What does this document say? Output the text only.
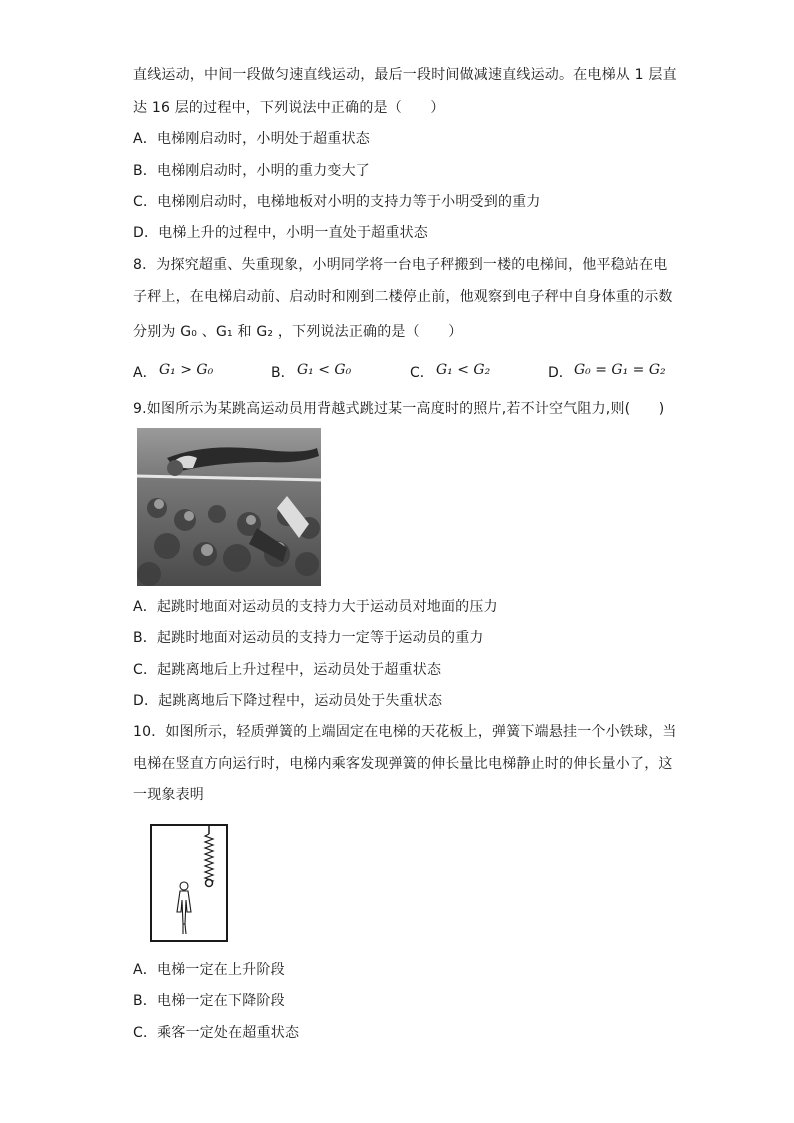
直线运动，中间一段做匀速直线运动，最后一段时间做减速直线运动。在电梯从 1 层直
达 16 层的过程中，下列说法中正确的是（　　）
A．电梯刚启动时，小明处于超重状态
B．电梯刚启动时，小明的重力变大了
C．电梯刚启动时，电梯地板对小明的支持力等于小明受到的重力
D．电梯上升的过程中，小明一直处于超重状态
8．为探究超重、失重现象，小明同学将一台电子秤搬到一楼的电梯间，他平稳站在电
子秤上，在电梯启动前、启动时和刚到二楼停止前，他观察到电子秤中自身体重的示数
分别为 G₀ 、G₁ 和 G₂ ，下列说法正确的是（　　）
A． G₁ > G₀	B． G₁ < G₀	C． G₁ < G₂	D． G₀ = G₁ = G₂
9.如图所示为某跳高运动员用背越式跳过某一高度时的照片,若不计空气阻力,则(　　)
A．起跳时地面对运动员的支持力大于运动员对地面的压力
B．起跳时地面对运动员的支持力一定等于运动员的重力
C．起跳离地后上升过程中，运动员处于超重状态
D．起跳离地后下降过程中，运动员处于失重状态
10．如图所示，轻质弹簧的上端固定在电梯的天花板上，弹簧下端悬挂一个小铁球，当
电梯在竖直方向运行时，电梯内乘客发现弹簧的伸长量比电梯静止时的伸长量小了，这
一现象表明
A．电梯一定在上升阶段
B．电梯一定在下降阶段
C．乘客一定处在超重状态
